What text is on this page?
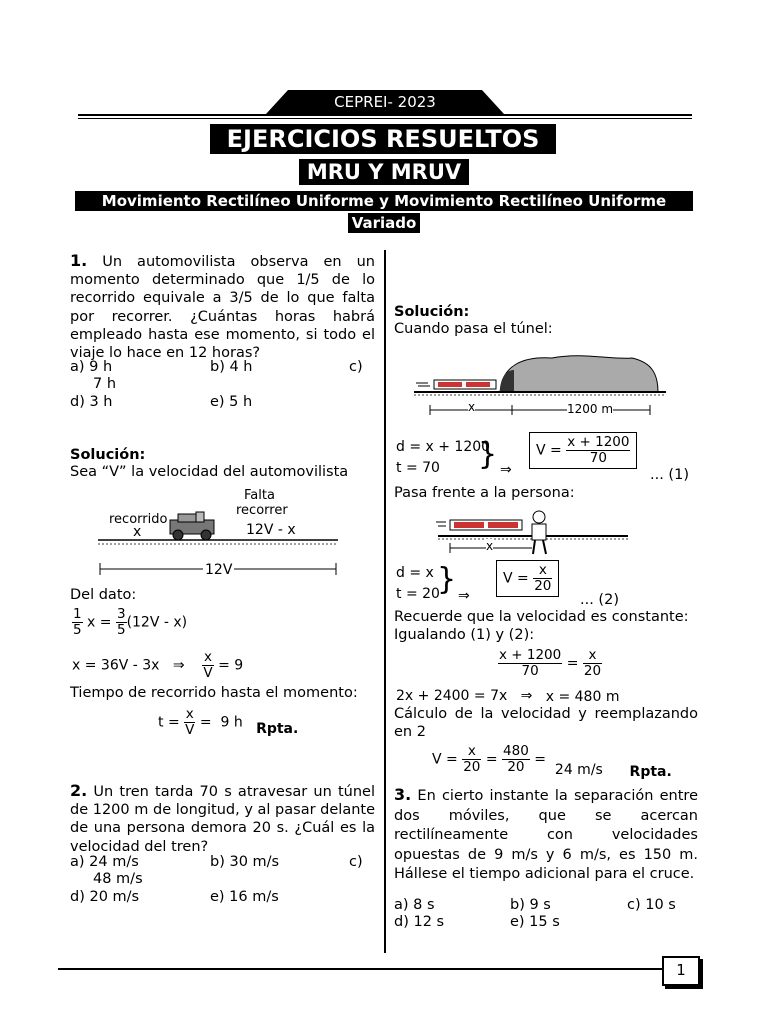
CEPREI- 2023
EJERCICIOS RESUELTOS
MRU Y MRUV
Movimiento Rectilíneo Uniforme y Movimiento Rectilíneo Uniforme
Variado
1. Un automovilista observa en un momento determinado que 1/5 de lo recorrido equivale a 3/5 de lo que falta por recorrer. ¿Cuántas horas habrá empleado hasta ese momento, si todo el viaje lo hace en 12 horas?
a) 9 h	b) 4 h	c)
7 h
d) 3 h	e) 5 h
Solución:
Sea “V” la velocidad del automovilista
Falta
recorrer
recorrido
x	12V - x
12V
Del dato:
$\frac{1}{5}$ $x = \frac{3}{5} (12V - x)$
x = 36V - 3x ⇒ $\frac{x}{V} = 9$
Tiempo de recorrido hasta el momento:
$t = \frac{x}{V} = 9$ h Rpta.
2. Un tren tarda 70 s atravesar un túnel de 1200 m de longitud, y al pasar delante de una persona demora 20 s. ¿Cuál es la velocidad del tren?
a) 24 m/s	b) 30 m/s	c)
48 m/s
d) 20 m/s	e) 16 m/s
Solución:
Cuando pasa el túnel:
x	1200 m
d = x + 1200
t = 70	} ⇒
$V = \frac{x + 1200}{70}$
... (1)
Pasa frente a la persona:
x
d = x
t = 20
} ⇒
$V = \frac{x}{20}$
... (2)
Recuerde que la velocidad es constante:
Igualando (1) y (2):
$\frac{x + 1200}{70} = \frac{x}{20}$
2x + 2400 = 7x ⇒ x = 480 m
Cálculo de la velocidad y reemplazando en 2
$V = \frac{x}{20} = \frac{480}{20} = 24$ m/s Rpta.
3. En cierto instante la separación entre dos móviles, que se acercan rectilíneamente con velocidades opuestas de 9 m/s y 6 m/s, es 150 m. Hállese el tiempo adicional para el cruce.
a) 8 s	b) 9 s	c) 10 s
d) 12 s	e) 15 s
1
